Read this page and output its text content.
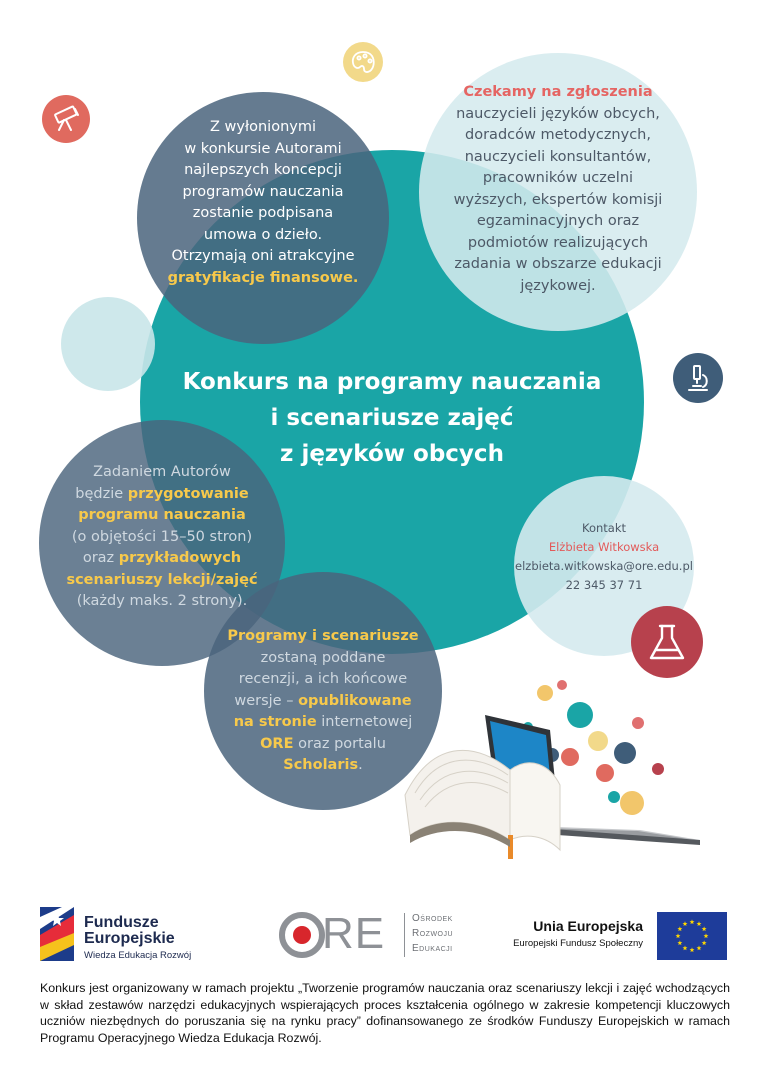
Z wyłonionymi
w konkursie Autorami
najlepszych koncepcji
programów nauczania
zostanie podpisana
umowa o dzieło.
Otrzymają oni atrakcyjne
gratyfikacje finansowe.
Czekamy na zgłoszenia
nauczycieli języków obcych,
doradców metodycznych,
nauczycieli konsultantów,
pracowników uczelni
wyższych, ekspertów komisji
egzaminacyjnych oraz
podmiotów realizujących
zadania w obszarze edukacji
językowej.
Konkurs na programy nauczania
i scenariusze zajęć
z języków obcych
Zadaniem Autorów
będzie przygotowanie
programu nauczania
(o objętości 15–50 stron)
oraz przykładowych
scenariuszy lekcji/zajęć
(każdy maks. 2 strony).
Kontakt
Elżbieta Witkowska
elzbieta.witkowska@ore.edu.pl
22 345 37 71
Programy i scenariusze
zostaną poddane
recenzji, a ich końcowe
wersje – opublikowane
na stronie internetowej
ORE oraz portalu
Scholaris.
Fundusze
Europejskie
Wiedza Edukacja Rozwój	RE	Ośrodek
Rozwoju
Edukacji
Unia Europejska
Europejski Fundusz Społeczny
Konkurs jest organizowany w ramach projektu „Tworzenie programów nauczania oraz scenariuszy lekcji i zajęć wchodzących w skład zestawów narzędzi edukacyjnych wspierających proces kształcenia ogólnego w zakresie kompetencji kluczowych uczniów niezbędnych do poruszania się na rynku pracy” dofinansowanego ze środków Funduszy Europejskich w ramach Programu Operacyjnego Wiedza Edukacja Rozwój.
